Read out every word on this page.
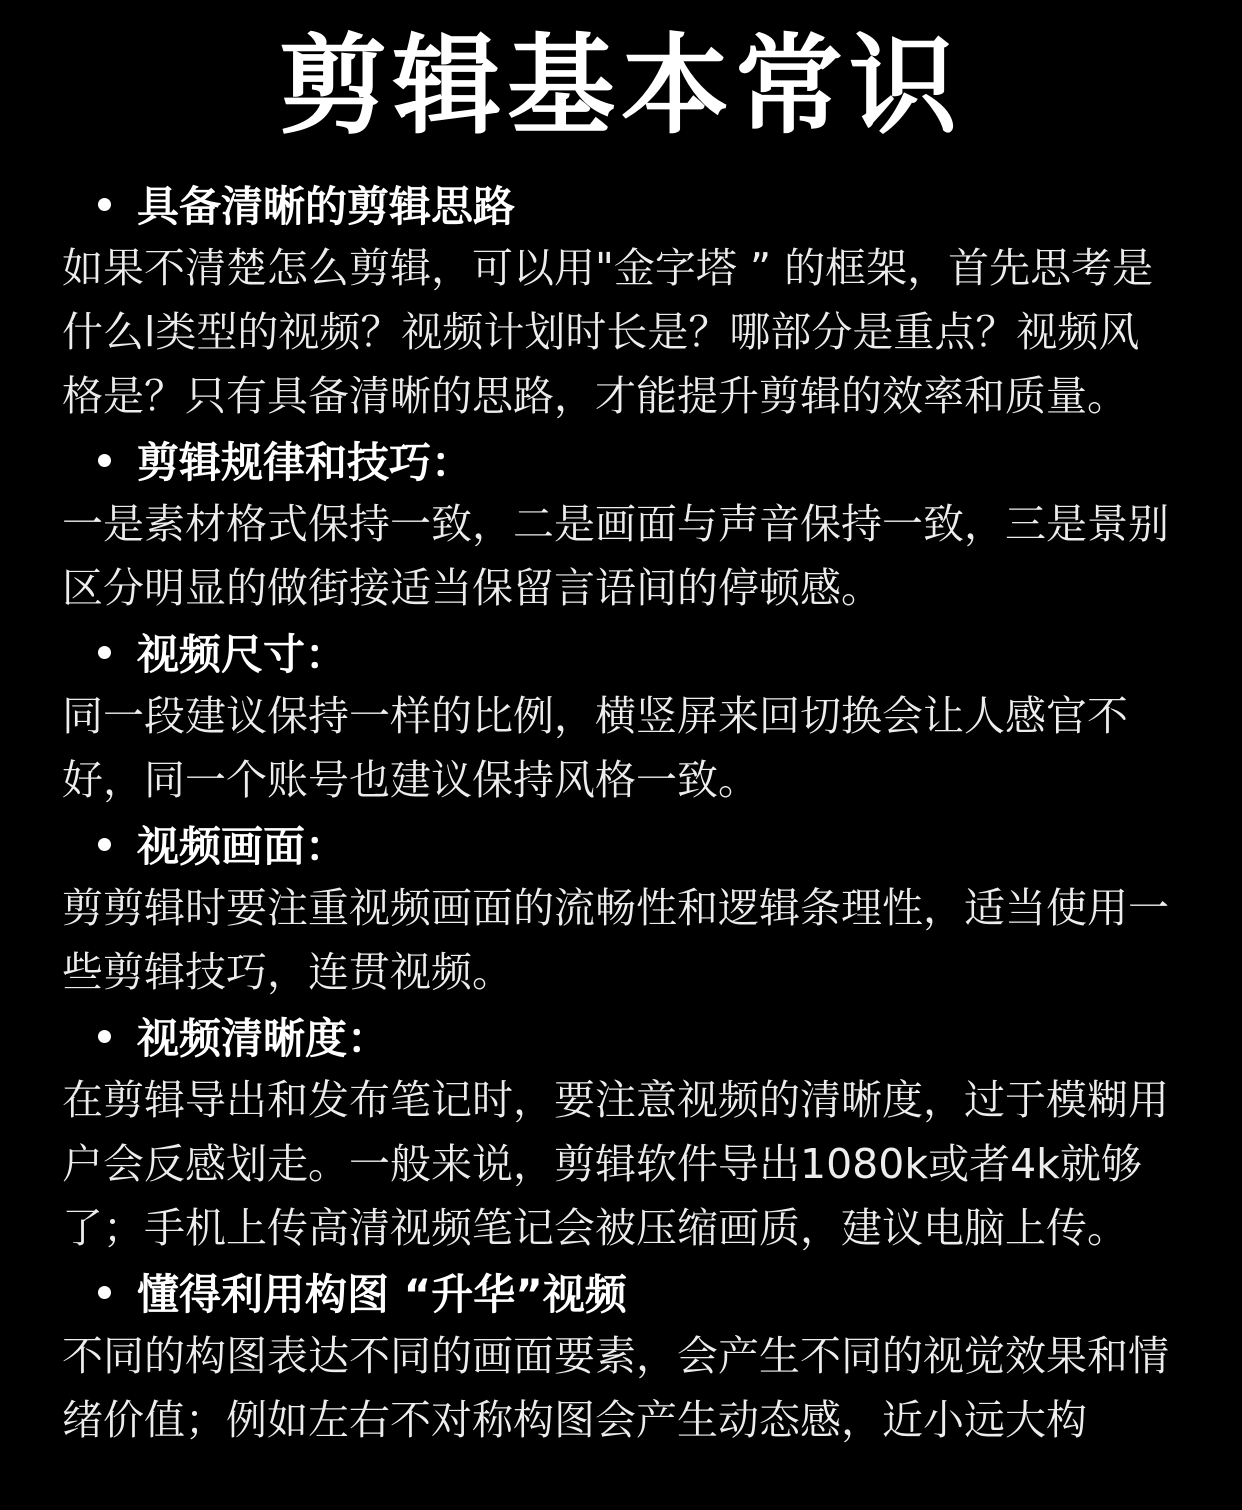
剪辑基本常识
具备清晰的剪辑思路

如果不清楚怎么剪辑，可以用"金字塔 ” 的框架，首先思考是什么l类型的视频？视频计划时长是？哪部分是重点？视频风格是？只有具备清晰的思路，才能提升剪辑的效率和质量。

剪辑规律和技巧：

一是素材格式保持一致，二是画面与声音保持一致，三是景别区分明显的做街接适当保留言语间的停顿感。

视频尺寸：

同一段建议保持一样的比例，横竖屏来回切换会让人感官不好，同一个账号也建议保持风格一致。

视频画面：

剪剪辑时要注重视频画面的流畅性和逻辑条理性，适当使用一些剪辑技巧，连贯视频。

视频清晰度：

在剪辑导出和发布笔记时，要注意视频的清晰度，过于模糊用户会反感划走。一般来说，剪辑软件导出1080k或者4k就够了；手机上传高清视频笔记会被压缩画质，建议电脑上传。

懂得利用构图 “升华”视频

不同的构图表达不同的画面要素，会产生不同的视觉效果和情绪价值；例如左右不对称构图会产生动态感，近小远大构
